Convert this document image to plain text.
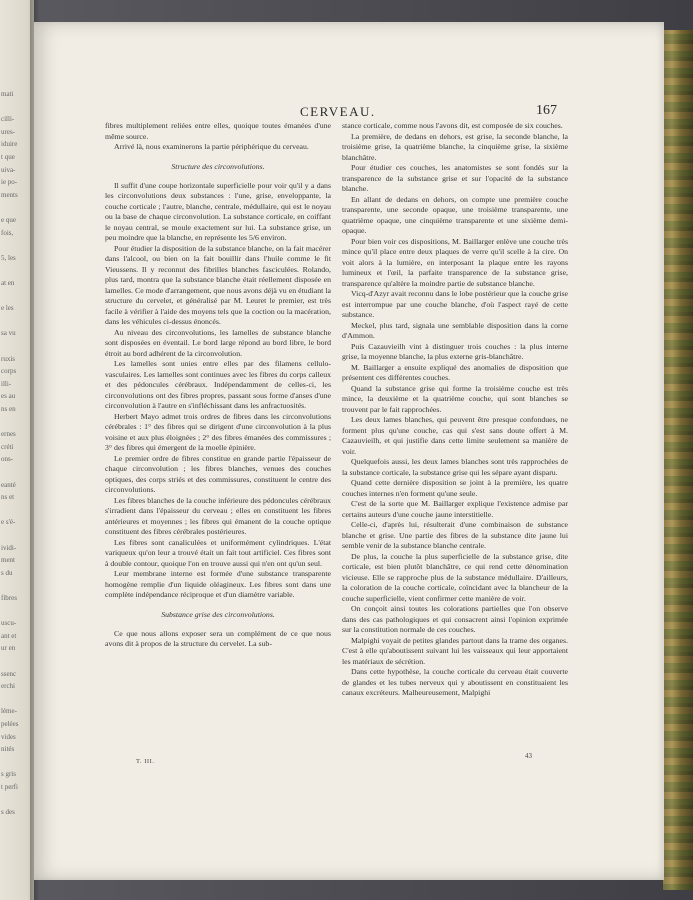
mati
cilli-
ures-
iduire
t que
uiva-
ie po-
ments
e que
fois,
5, les
at en
e les
sa vu
ruxis
corps
illi-
es au
ns en
ernes
créti
ons-
eanté
ns et
e s'é-
ividi-
ment
s du
fibres
uscu-
ant et
ur en
ssenc
erchi
lème-
pelées
vides
nités
s gris
t perfi
s des
CERVEAU.	167

fibres multiplement reliées entre elles, quoique toutes émanées d'une même source.

Arrivé là, nous examinerons la partie périphérique du cerveau.

Structure des circonvolutions.

Il suffit d'une coupe horizontale superficielle pour voir qu'il y a dans les circonvolutions deux substances : l'une, grise, enveloppante, la couche corticale ; l'autre, blanche, centrale, médullaire, qui est le noyau ou la base de chaque circonvolution. La substance corticale, en coiffant le noyau central, se moule exactement sur lui. La substance grise, un peu moindre que la blanche, en représente les 5/6 environ.

Pour étudier la disposition de la substance blanche, on la fait macérer dans l'alcool, ou bien on la fait bouillir dans l'huile comme le fit Vieussens. Il y reconnut des fibrilles blanches fasciculées. Rolando, plus tard, montra que la substance blanche était réellement disposée en lamelles. Ce mode d'arrangement, que nous avons déjà vu en étudiant la structure du cervelet, et généralisé par M. Leuret le premier, est très facile à vérifier à l'aide des moyens tels que la coction ou la macération, dans les véhicules ci-dessus énoncés.

Au niveau des circonvolutions, les lamelles de substance blanche sont disposées en éventail. Le bord large répond au bord libre, le bord étroit au bord adhérent de la circonvolution.

Les lamelles sont unies entre elles par des filamens cellulo-vasculaires. Les lamelles sont continues avec les fibres du corps calleux et des pédoncules cérébraux. Indépendamment de celles-ci, les circonvolutions ont des fibres propres, passant sous forme d'anses d'une circonvolution à l'autre en s'infléchissant dans les anfractuosités.

Herbert Mayo admet trois ordres de fibres dans les circonvolutions cérébrales : 1° des fibres qui se dirigent d'une circonvolution à la plus voisine et aux plus éloignées ; 2° des fibres émanées des commissures ; 3° des fibres qui émergent de la moelle épinière.

Le premier ordre de fibres constitue en grande partie l'épaisseur de chaque circonvolution ; les fibres blanches, venues des couches optiques, des corps striés et des commissures, constituent le centre des circonvolutions.

Les fibres blanches de la couche inférieure des pédoncules cérébraux s'irradient dans l'épaisseur du cerveau ; elles en constituent les fibres antérieures et moyennes ; les fibres qui émanent de la couche optique constituent des fibres cérébrales postérieures.

Les fibres sont canaliculées et uniformément cylindriques. L'état variqueux qu'on leur a trouvé était un fait tout artificiel. Ces fibres sont à double contour, quoique l'on en trouve aussi qui n'en ont qu'un seul.

Leur membrane interne est formée d'une substance transparente homogène remplie d'un liquide oléagineux. Les fibres sont dans une complète indépendance réciproque et d'un diamètre variable.

Substance grise des circonvolutions.

Ce que nous allons exposer sera un complément de ce que nous avons dit à propos de la structure du cervelet. La sub-

stance corticale, comme nous l'avons dit, est composée de six couches.

La première, de dedans en dehors, est grise, la seconde blanche, la troisième grise, la quatrième blanche, la cinquième grise, la sixième blanchâtre.

Pour étudier ces couches, les anatomistes se sont fondés sur la transparence de la substance grise et sur l'opacité de la substance blanche.

En allant de dedans en dehors, on compte une première couche transparente, une seconde opaque, une troisième transparente, une quatrième opaque, une cinquième transparente et une sixième demi-opaque.

Pour bien voir ces dispositions, M. Baillarger enlève une couche très mince qu'il place entre deux plaques de verre qu'il scelle à la cire. On voit alors à la lumière, en interposant la plaque entre les rayons lumineux et l'œil, la parfaite transparence de la substance grise, transparence qu'altère la moindre partie de substance blanche.

Vicq-d'Azyr avait reconnu dans le lobe postérieur que la couche grise est interrompue par une couche blanche, d'où l'aspect rayé de cette substance.

Meckel, plus tard, signala une semblable disposition dans la corne d'Ammon.

Puis Cazauvieilh vint à distinguer trois couches : la plus interne grise, la moyenne blanche, la plus externe gris-blanchâtre.

M. Baillarger a ensuite expliqué des anomalies de disposition que présentent ces différentes couches.

Quand la substance grise qui forme la troisième couche est très mince, la deuxième et la quatrième couche, qui sont blanches se trouvent par le fait rapprochées.

Les deux lames blanches, qui peuvent être presque confondues, ne forment plus qu'une couche, cas qui s'est sans doute offert à M. Cazauvieilh, et qui justifie dans cette limite seulement sa manière de voir.

Quelquefois aussi, les deux lames blanches sont très rapprochées de la substance corticale, la substance grise qui les sépare ayant disparu.

Quand cette dernière disposition se joint à la première, les quatre couches internes n'en forment qu'une seule.

C'est de la sorte que M. Baillarger explique l'existence admise par certains auteurs d'une couche jaune interstitielle.

Celle-ci, d'après lui, résulterait d'une combinaison de substance blanche et grise. Une partie des fibres de la substance dite jaune lui semble venir de la substance blanche centrale.

De plus, la couche la plus superficielle de la substance grise, dite corticale, est bien plutôt blanchâtre, ce qui rend cette dénomination vicieuse. Elle se rapproche plus de la substance médullaire. D'ailleurs, la coloration de la couche corticale, coïncidant avec la blancheur de la couche superficielle, vient confirmer cette manière de voir.

On conçoit ainsi toutes les colorations partielles que l'on observe dans des cas pathologiques et qui consacrent ainsi l'opinion exprimée sur la constitution normale de ces couches.

Malpighi voyait de petites glandes partout dans la trame des organes. C'est à elle qu'aboutissent suivant lui les vaisseaux qui leur apportaient les matériaux de sécrétion.

Dans cette hypothèse, la couche corticale du cerveau était couverte de glandes et les tubes nerveux qui y aboutissent en constituaient les canaux excréteurs. Malheureusement, Malpighi

T. III.
43
